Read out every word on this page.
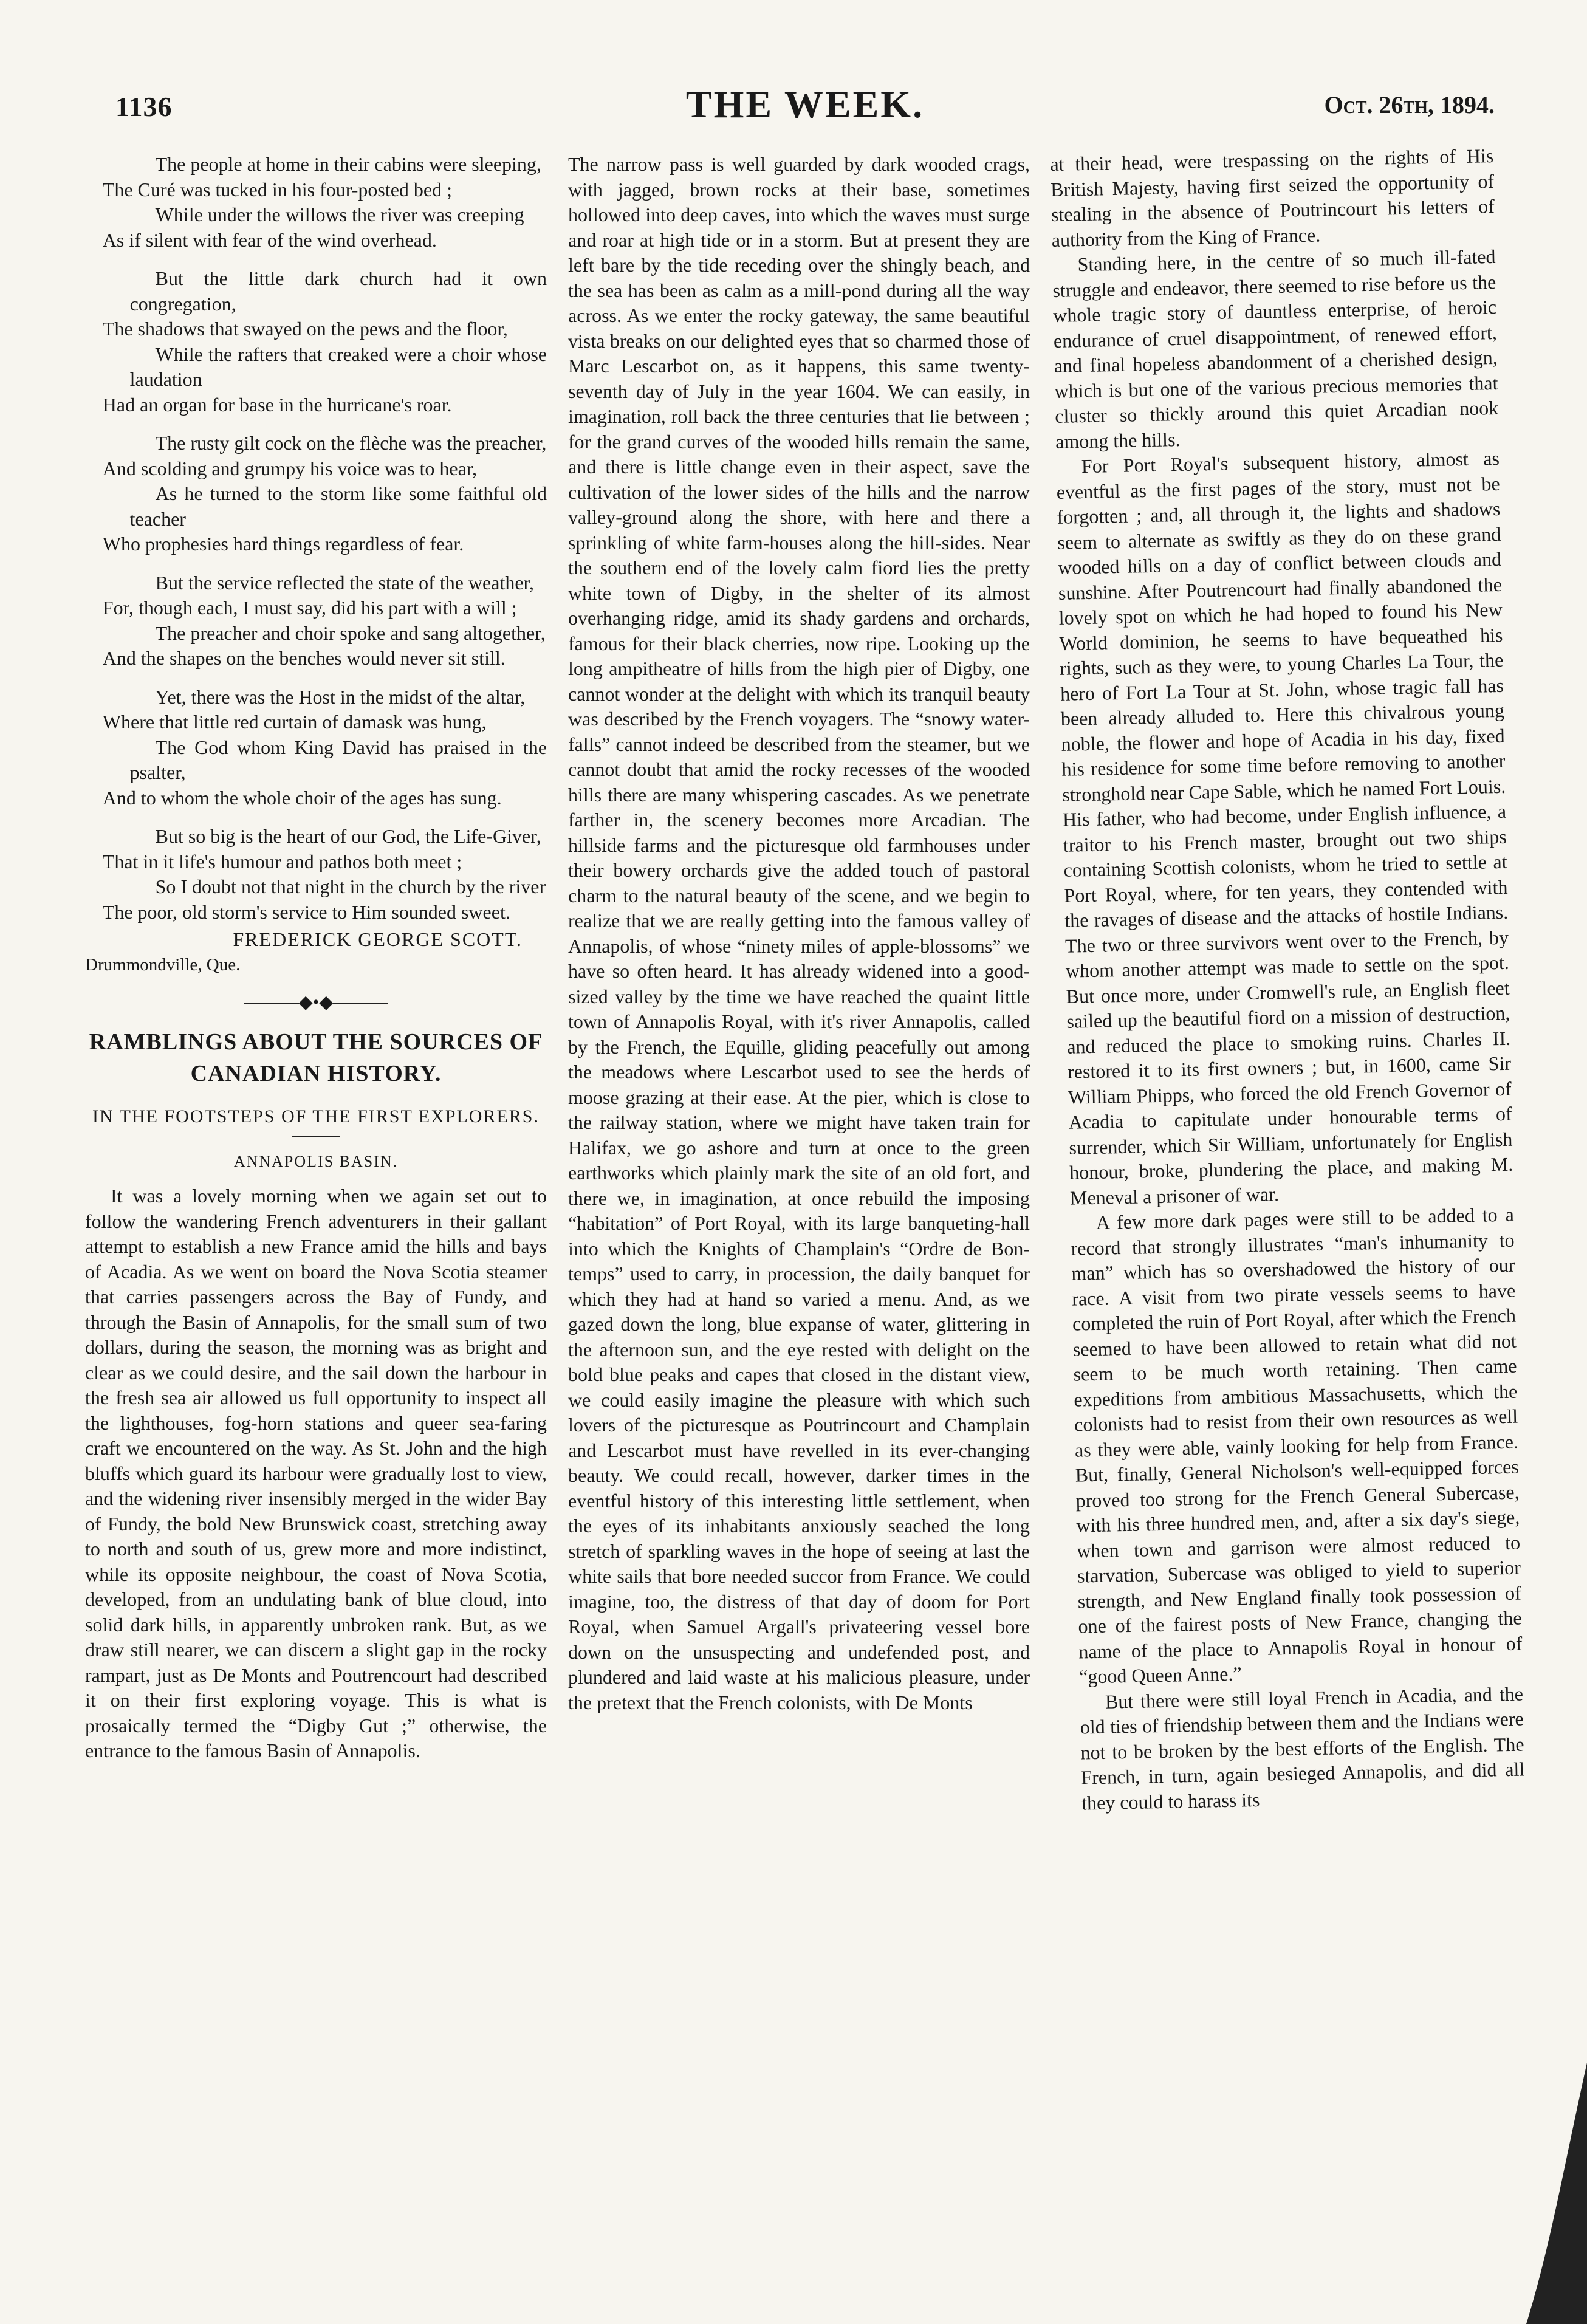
1136	THE WEEK.	Oct. 26th, 1894.

The people at home in their cabins were sleeping,

The Curé was tucked in his four-posted bed ;

While under the willows the river was creeping

As if silent with fear of the wind overhead.

But the little dark church had it own congregation,

The shadows that swayed on the pews and the floor,

While the rafters that creaked were a choir whose laudation

Had an organ for base in the hurricane's roar.

The rusty gilt cock on the flèche was the preacher,

And scolding and grumpy his voice was to hear,

As he turned to the storm like some faithful old teacher

Who prophesies hard things regardless of fear.

But the service reflected the state of the weather,

For, though each, I must say, did his part with a will ;

The preacher and choir spoke and sang altogether,

And the shapes on the benches would never sit still.

Yet, there was the Host in the midst of the altar,

Where that little red curtain of damask was hung,

The God whom King David has praised in the psalter,

And to whom the whole choir of the ages has sung.

But so big is the heart of our God, the Life-Giver,

That in it life's humour and pathos both meet ;

So I doubt not that night in the church by the river

The poor, old storm's service to Him sounded sweet.

FREDERICK GEORGE SCOTT.
Drummondville, Que.
◆•◆
RAMBLINGS ABOUT THE SOURCES OF CANADIAN HISTORY.
IN THE FOOTSTEPS OF THE FIRST EXPLORERS.
ANNAPOLIS BASIN.

It was a lovely morning when we again set out to follow the wandering French adventurers in their gallant attempt to establish a new France amid the hills and bays of Acadia. As we went on board the Nova Scotia steamer that carries passengers across the Bay of Fundy, and through the Basin of Annapolis, for the small sum of two dollars, during the season, the morning was as bright and clear as we could desire, and the sail down the harbour in the fresh sea air allowed us full opportunity to inspect all the lighthouses, fog-horn stations and queer sea-faring craft we encountered on the way. As St. John and the high bluffs which guard its harbour were gradually lost to view, and the widening river insensibly merged in the wider Bay of Fundy, the bold New Brunswick coast, stretching away to north and south of us, grew more and more indistinct, while its opposite neighbour, the coast of Nova Scotia, developed, from an undulating bank of blue cloud, into solid dark hills, in apparently unbroken rank. But, as we draw still nearer, we can discern a slight gap in the rocky rampart, just as De Monts and Poutrencourt had described it on their first exploring voyage. This is what is prosaically termed the “Digby Gut ;” otherwise, the entrance to the famous Basin of Annapolis.

The narrow pass is well guarded by dark wooded crags, with jagged, brown rocks at their base, sometimes hollowed into deep caves, into which the waves must surge and roar at high tide or in a storm. But at present they are left bare by the tide receding over the shingly beach, and the sea has been as calm as a mill-pond during all the way across. As we enter the rocky gateway, the same beautiful vista breaks on our delighted eyes that so charmed those of Marc Lescarbot on, as it happens, this same twenty-seventh day of July in the year 1604. We can easily, in imagination, roll back the three centuries that lie between ; for the grand curves of the wooded hills remain the same, and there is little change even in their aspect, save the cultivation of the lower sides of the hills and the narrow valley-ground along the shore, with here and there a sprinkling of white farm-houses along the hill-sides. Near the southern end of the lovely calm fiord lies the pretty white town of Digby, in the shelter of its almost overhanging ridge, amid its shady gardens and orchards, famous for their black cherries, now ripe. Looking up the long ampitheatre of hills from the high pier of Digby, one cannot wonder at the delight with which its tranquil beauty was described by the French voyagers. The “snowy water-falls” cannot indeed be described from the steamer, but we cannot doubt that amid the rocky recesses of the wooded hills there are many whispering cascades. As we penetrate farther in, the scenery becomes more Arcadian. The hillside farms and the picturesque old farmhouses under their bowery orchards give the added touch of pastoral charm to the natural beauty of the scene, and we begin to realize that we are really getting into the famous valley of Annapolis, of whose “ninety miles of apple-blossoms” we have so often heard. It has already widened into a good-sized valley by the time we have reached the quaint little town of Annapolis Royal, with it's river Annapolis, called by the French, the Equille, gliding peacefully out among the meadows where Lescarbot used to see the herds of moose grazing at their ease. At the pier, which is close to the railway station, where we might have taken train for Halifax, we go ashore and turn at once to the green earthworks which plainly mark the site of an old fort, and there we, in imagination, at once rebuild the imposing “habitation” of Port Royal, with its large banqueting-hall into which the Knights of Champlain's “Ordre de Bon-temps” used to carry, in procession, the daily banquet for which they had at hand so varied a menu. And, as we gazed down the long, blue expanse of water, glittering in the afternoon sun, and the eye rested with delight on the bold blue peaks and capes that closed in the distant view, we could easily imagine the pleasure with which such lovers of the picturesque as Poutrincourt and Champlain and Lescarbot must have revelled in its ever-changing beauty. We could recall, however, darker times in the eventful history of this interesting little settlement, when the eyes of its inhabitants anxiously seached the long stretch of sparkling waves in the hope of seeing at last the white sails that bore needed succor from France. We could imagine, too, the distress of that day of doom for Port Royal, when Samuel Argall's privateering vessel bore down on the unsuspecting and undefended post, and plundered and laid waste at his malicious pleasure, under the pretext that the French colonists, with De Monts

at their head, were trespassing on the rights of His British Majesty, having first seized the opportunity of stealing in the absence of Poutrincourt his letters of authority from the King of France.

Standing here, in the centre of so much ill-fated struggle and endeavor, there seemed to rise before us the whole tragic story of dauntless enterprise, of heroic endurance of cruel disappointment, of renewed effort, and final hopeless abandonment of a cherished design, which is but one of the various precious memories that cluster so thickly around this quiet Arcadian nook among the hills.

For Port Royal's subsequent history, almost as eventful as the first pages of the story, must not be forgotten ; and, all through it, the lights and shadows seem to alternate as swiftly as they do on these grand wooded hills on a day of conflict between clouds and sunshine. After Poutrencourt had finally abandoned the lovely spot on which he had hoped to found his New World dominion, he seems to have bequeathed his rights, such as they were, to young Charles La Tour, the hero of Fort La Tour at St. John, whose tragic fall has been already alluded to. Here this chivalrous young noble, the flower and hope of Acadia in his day, fixed his residence for some time before removing to another stronghold near Cape Sable, which he named Fort Louis. His father, who had become, under English influence, a traitor to his French master, brought out two ships containing Scottish colonists, whom he tried to settle at Port Royal, where, for ten years, they contended with the ravages of disease and the attacks of hostile Indians. The two or three survivors went over to the French, by whom another attempt was made to settle on the spot. But once more, under Cromwell's rule, an English fleet sailed up the beautiful fiord on a mission of destruction, and reduced the place to smoking ruins. Charles II. restored it to its first owners ; but, in 1600, came Sir William Phipps, who forced the old French Governor of Acadia to capitulate under honourable terms of surrender, which Sir William, unfortunately for English honour, broke, plundering the place, and making M. Meneval a prisoner of war.

A few more dark pages were still to be added to a record that strongly illustrates “man's inhumanity to man” which has so overshadowed the history of our race. A visit from two pirate vessels seems to have completed the ruin of Port Royal, after which the French seemed to have been allowed to retain what did not seem to be much worth retaining. Then came expeditions from ambitious Massachusetts, which the colonists had to resist from their own resources as well as they were able, vainly looking for help from France. But, finally, General Nicholson's well-equipped forces proved too strong for the French General Subercase, with his three hundred men, and, after a six day's siege, when town and garrison were almost reduced to starvation, Subercase was obliged to yield to superior strength, and New England finally took possession of one of the fairest posts of New France, changing the name of the place to Annapolis Royal in honour of “good Queen Anne.”

But there were still loyal French in Acadia, and the old ties of friendship between them and the Indians were not to be broken by the best efforts of the English. The French, in turn, again besieged Annapolis, and did all they could to harass its
